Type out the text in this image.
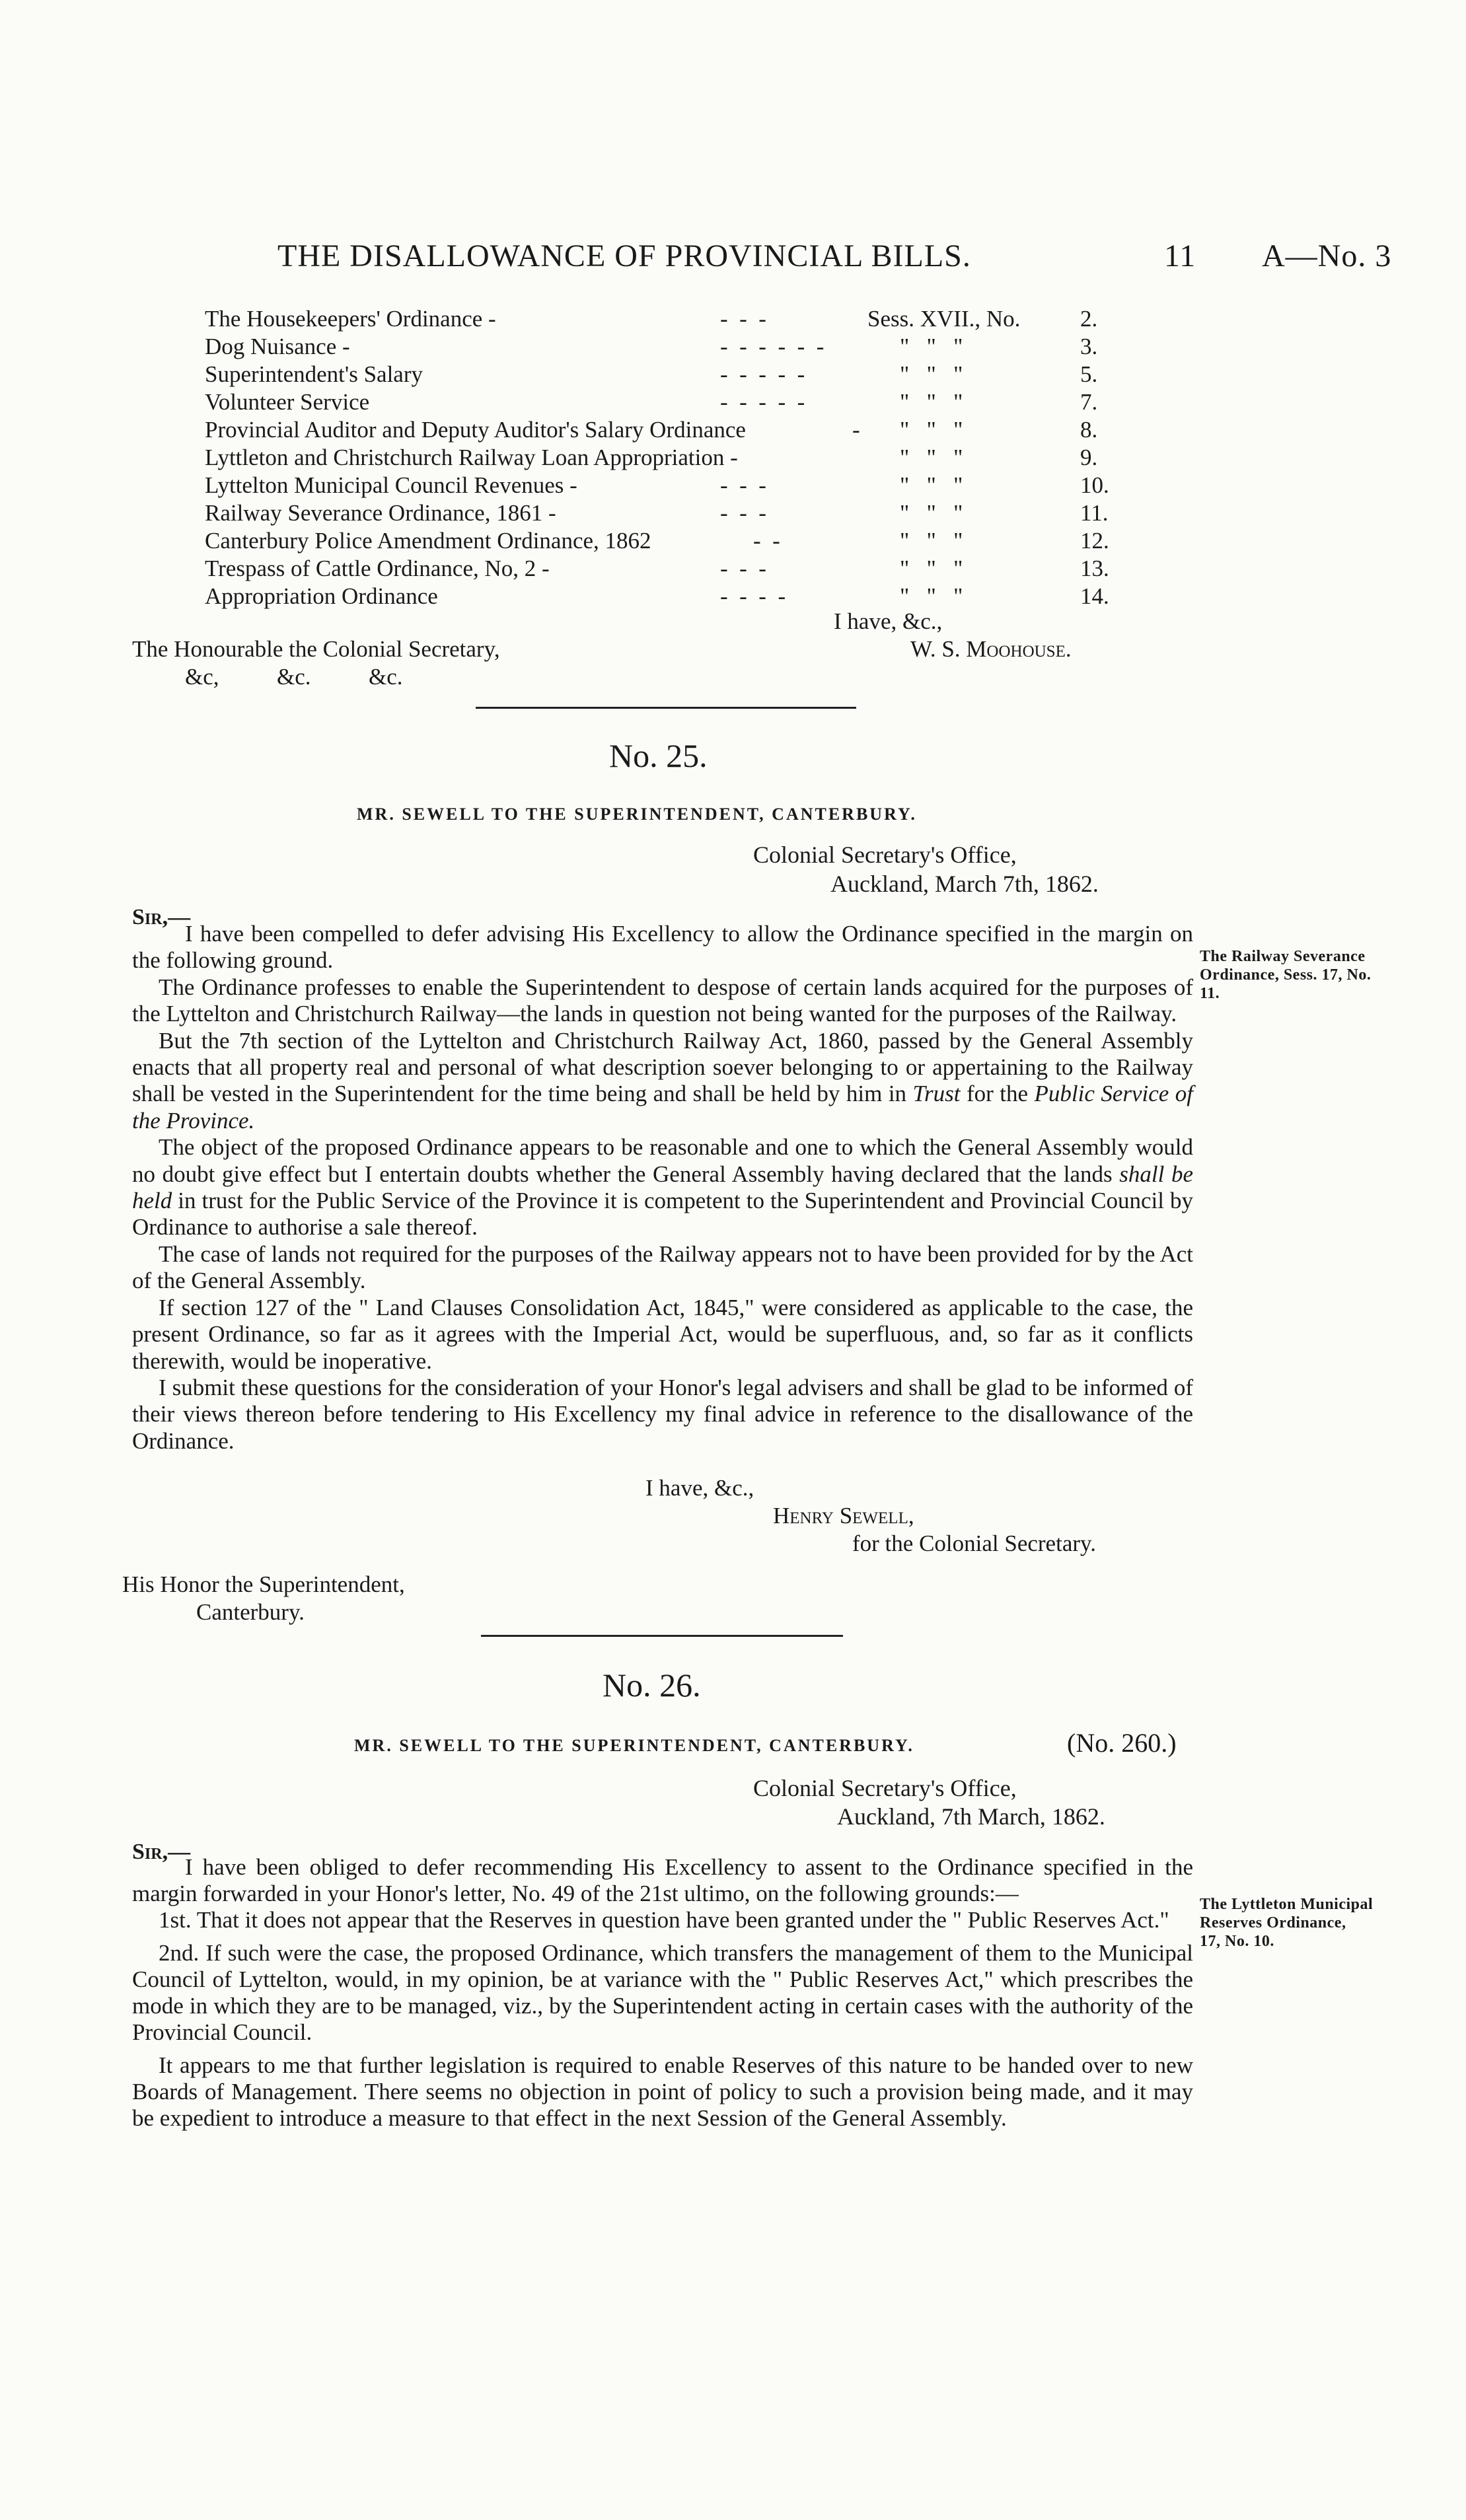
THE DISALLOWANCE OF PROVINCIAL BILLS.	11 A—No. 3
The Housekeepers' Ordinance -	-  -  -	Sess. XVII., No.	2.
Dog Nuisance -	-  -  -  -  -  -	"   "   "	3.
Superintendent's Salary	-  -  -  -  -	"   "   "	5.
Volunteer Service	-  -  -  -  -	"   "   "	7.
Provincial Auditor and Deputy Auditor's Salary Ordinance	- "   "   "	8.
Lyttleton and Christchurch Railway Loan Appropriation -	"   "   "	9.
Lyttelton Municipal Council Revenues -	-  -  -	"   "   "	10.
Railway Severance Ordinance, 1861 -	-  -  -	"   "   "	11.
Canterbury Police Amendment Ordinance, 1862	-  -	"   "   "	12.
Trespass of Cattle Ordinance, No, 2 -	-  -  -	"   "   "	13.
Appropriation Ordinance	-  -  -  -	"   "   "	14.
I have, &c.,
W. S. Moohouse.
The Honourable the Colonial Secretary,
&c,          &c.          &c.
No. 25.
MR. SEWELL TO THE SUPERINTENDENT, CANTERBURY.
Colonial Secretary's Office,
Auckland, March 7th, 1862.
Sir,—
The Railway Severance
Ordinance, Sess. 17, No.
11.

I have been compelled to defer advising His Excellency to allow the Ordinance specified in the margin on the following ground.

The Ordinance professes to enable the Superintendent to despose of certain lands acquired for the purposes of the Lyttelton and Christchurch Railway—the lands in question not being wanted for the purposes of the Railway.

But the 7th section of the Lyttelton and Christchurch Railway Act, 1860, passed by the General Assembly enacts that all property real and personal of what description soever belonging to or appertaining to the Railway shall be vested in the Superintendent for the time being and shall be held by him in Trust for the Public Service of the Province.

The object of the proposed Ordinance appears to be reasonable and one to which the General Assembly would no doubt give effect but I entertain doubts whether the General Assembly having declared that the lands shall be held in trust for the Public Service of the Province it is competent to the Superintendent and Provincial Council by Ordinance to authorise a sale thereof.

The case of lands not required for the purposes of the Railway appears not to have been provided for by the Act of the General Assembly.

If section 127 of the " Land Clauses Consolidation Act, 1845," were considered as applicable to the case, the present Ordinance, so far as it agrees with the Imperial Act, would be superfluous, and, so far as it conflicts therewith, would be inoperative.

I submit these questions for the consideration of your Honor's legal advisers and shall be glad to be informed of their views thereon before tendering to His Excellency my final advice in reference to the disallowance of the Ordinance.

I have, &c.,
Henry Sewell,
for the Colonial Secretary.
His Honor the Superintendent,
Canterbury.
No. 26.
MR. SEWELL TO THE SUPERINTENDENT, CANTERBURY.	(No. 260.)
Colonial Secretary's Office,
Auckland, 7th March, 1862.
Sir,—
The Lyttleton Municipal
Reserves Ordinance,
17, No. 10.

I have been obliged to defer recommending His Excellency to assent to the Ordinance specified in the margin forwarded in your Honor's letter, No. 49 of the 21st ultimo, on the following grounds:—

1st. That it does not appear that the Reserves in question have been granted under the " Public Reserves Act."

2nd. If such were the case, the proposed Ordinance, which transfers the management of them to the Municipal Council of Lyttelton, would, in my opinion, be at variance with the " Public Reserves Act," which prescribes the mode in which they are to be managed, viz., by the Superintendent acting in certain cases with the authority of the Provincial Council.

It appears to me that further legislation is required to enable Reserves of this nature to be handed over to new Boards of Management. There seems no objection in point of policy to such a provision being made, and it may be expedient to introduce a measure to that effect in the next Session of the General Assembly.
